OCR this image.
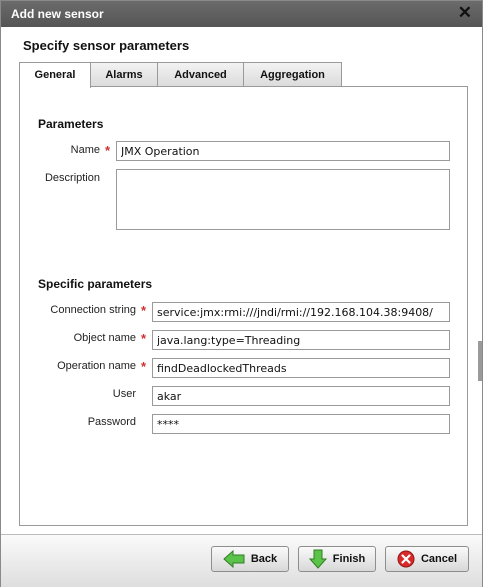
Add new sensor	✕
Specify sensor parameters
General	Alarms	Advanced	Aggregation
Parameters
Name *
JMX Operation
Description
Specific parameters
Connection string *
service:jmx:rmi:///jndi/rmi://192.168.104.38:9408/
Object name *
java.lang:type=Threading
Operation name *
findDeadlockedThreads
User
akar
Password
****
Back	Finish	Cancel
